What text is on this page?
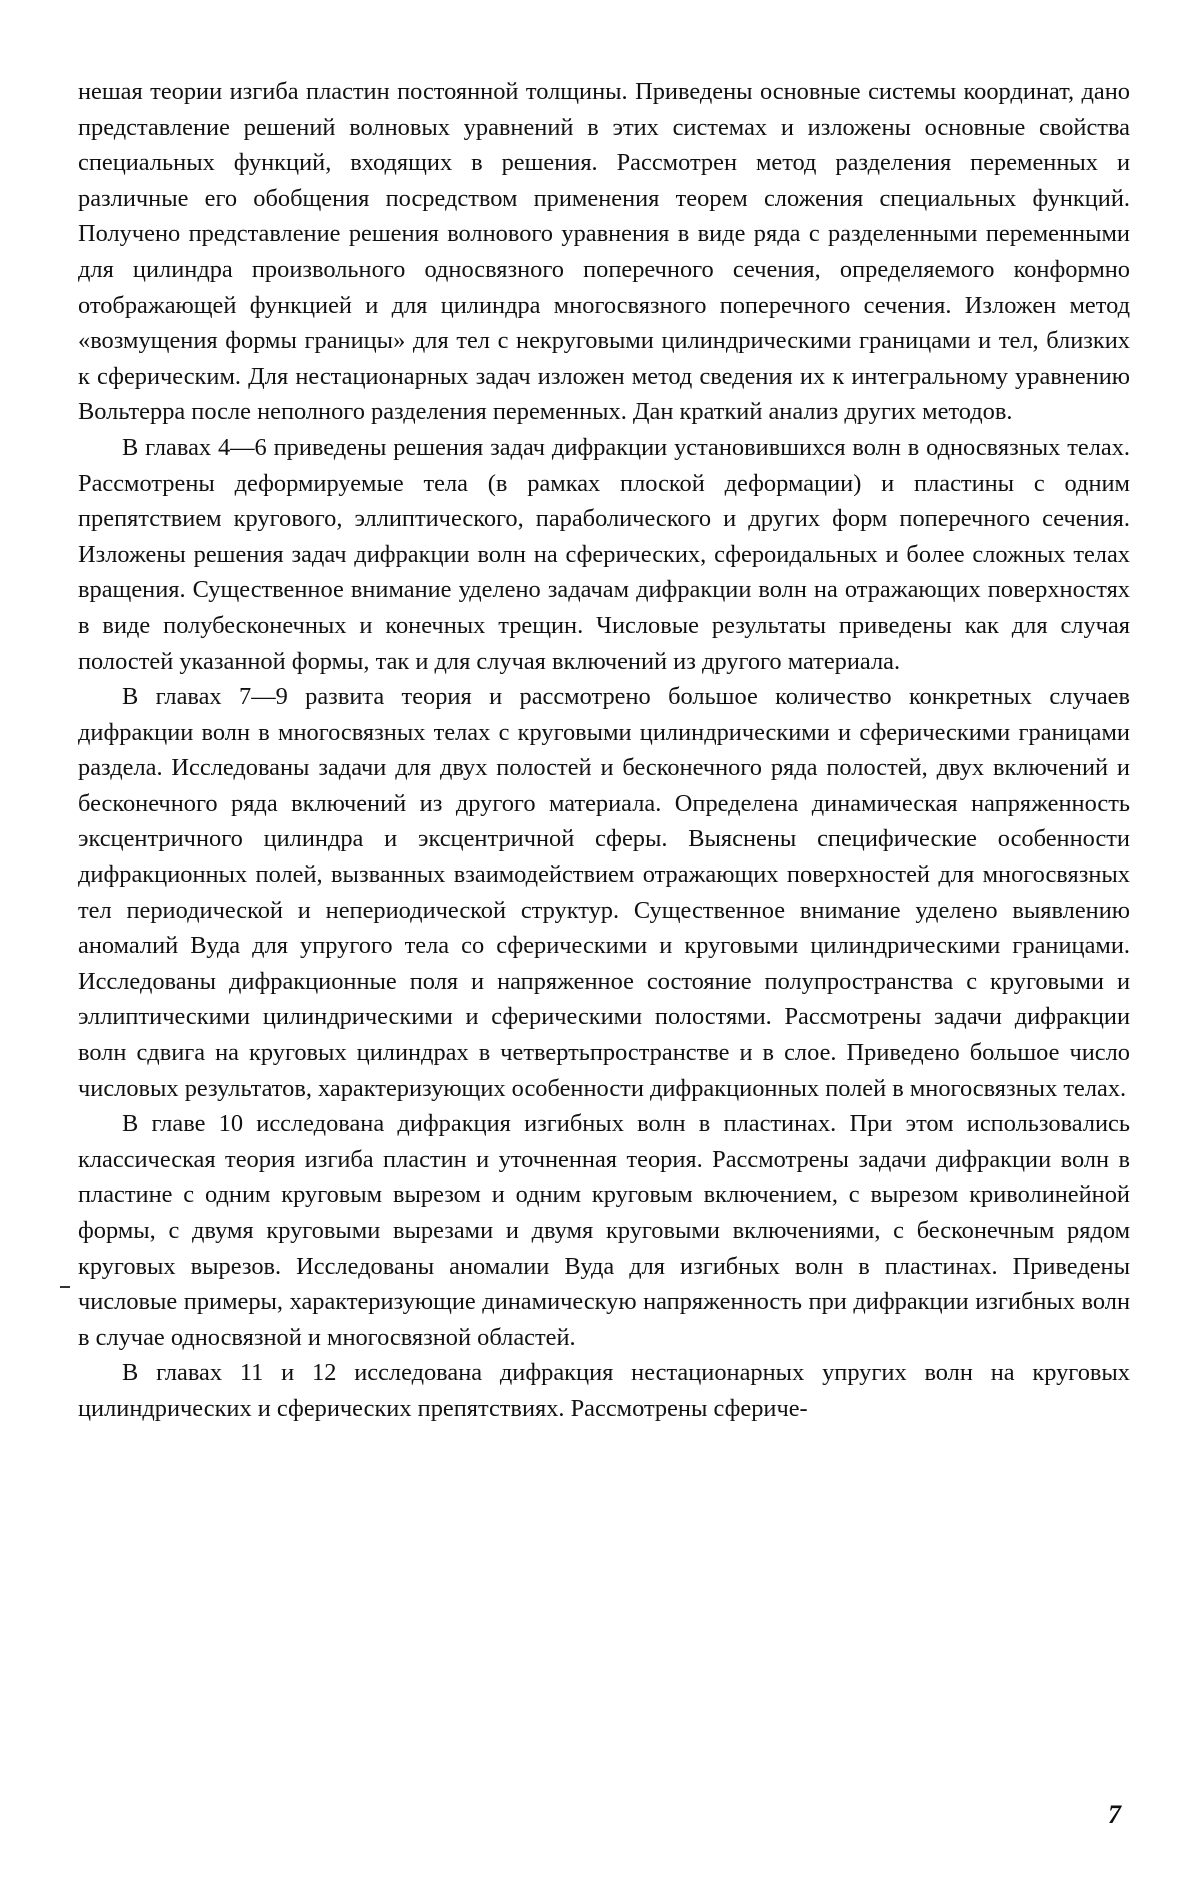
нешая теории изгиба пластин постоянной толщины. Приведены основные системы координат, дано представление решений волновых уравнений в этих системах и изложены основные свойства специальных функций, входящих в решения. Рассмотрен метод разделения переменных и различные его обобщения посредством применения теорем сложения специальных функций. Получено представление решения волнового уравнения в виде ряда с разделенными переменными для цилиндра произвольного односвязного поперечного сечения, определяемого конформно отображающей функцией и для цилиндра многосвязного поперечного сечения. Изложен метод «возмущения формы границы» для тел с некруговыми цилиндрическими границами и тел, близких к сферическим. Для нестационарных задач изложен метод сведения их к интегральному уравнению Вольтерра после неполного разделения переменных. Дан краткий анализ других методов.

В главах 4—6 приведены решения задач дифракции установившихся волн в односвязных телах. Рассмотрены деформируемые тела (в рамках плоской деформации) и пластины с одним препятствием кругового, эллиптического, параболического и других форм поперечного сечения. Изложены решения задач дифракции волн на сферических, сфероидальных и более сложных телах вращения. Существенное внимание уделено задачам дифракции волн на отражающих поверхностях в виде полубесконечных и конечных трещин. Числовые результаты приведены как для случая полостей указанной формы, так и для случая включений из другого материала.

В главах 7—9 развита теория и рассмотрено большое количество конкретных случаев дифракции волн в многосвязных телах с круговыми цилиндрическими и сферическими границами раздела. Исследованы задачи для двух полостей и бесконечного ряда полостей, двух включений и бесконечного ряда включений из другого материала. Определена динамическая напряженность эксцентричного цилиндра и эксцентричной сферы. Выяснены специфические особенности дифракционных полей, вызванных взаимодействием отражающих поверхностей для многосвязных тел периодической и непериодической структур. Существенное внимание уделено выявлению аномалий Вуда для упругого тела со сферическими и круговыми цилиндрическими границами. Исследованы дифракционные поля и напряженное состояние полупространства с круговыми и эллиптическими цилиндрическими и сферическими полостями. Рассмотрены задачи дифракции волн сдвига на круговых цилиндрах в четвертьпространстве и в слое. Приведено большое число числовых результатов, характеризующих особенности дифракционных полей в многосвязных телах.

В главе 10 исследована дифракция изгибных волн в пластинах. При этом использовались классическая теория изгиба пластин и уточненная теория. Рассмотрены задачи дифракции волн в пластине с одним круговым вырезом и одним круговым включением, с вырезом криволинейной формы, с двумя круговыми вырезами и двумя круговыми включениями, с бесконечным рядом круговых вырезов. Исследованы аномалии Вуда для изгибных волн в пластинах. Приведены числовые примеры, характеризующие динамическую напряженность при дифракции изгибных волн в случае односвязной и многосвязной областей.

В главах 11 и 12 исследована дифракция нестационарных упругих волн на круговых цилиндрических и сферических препятствиях. Рассмотрены сфериче-

7
